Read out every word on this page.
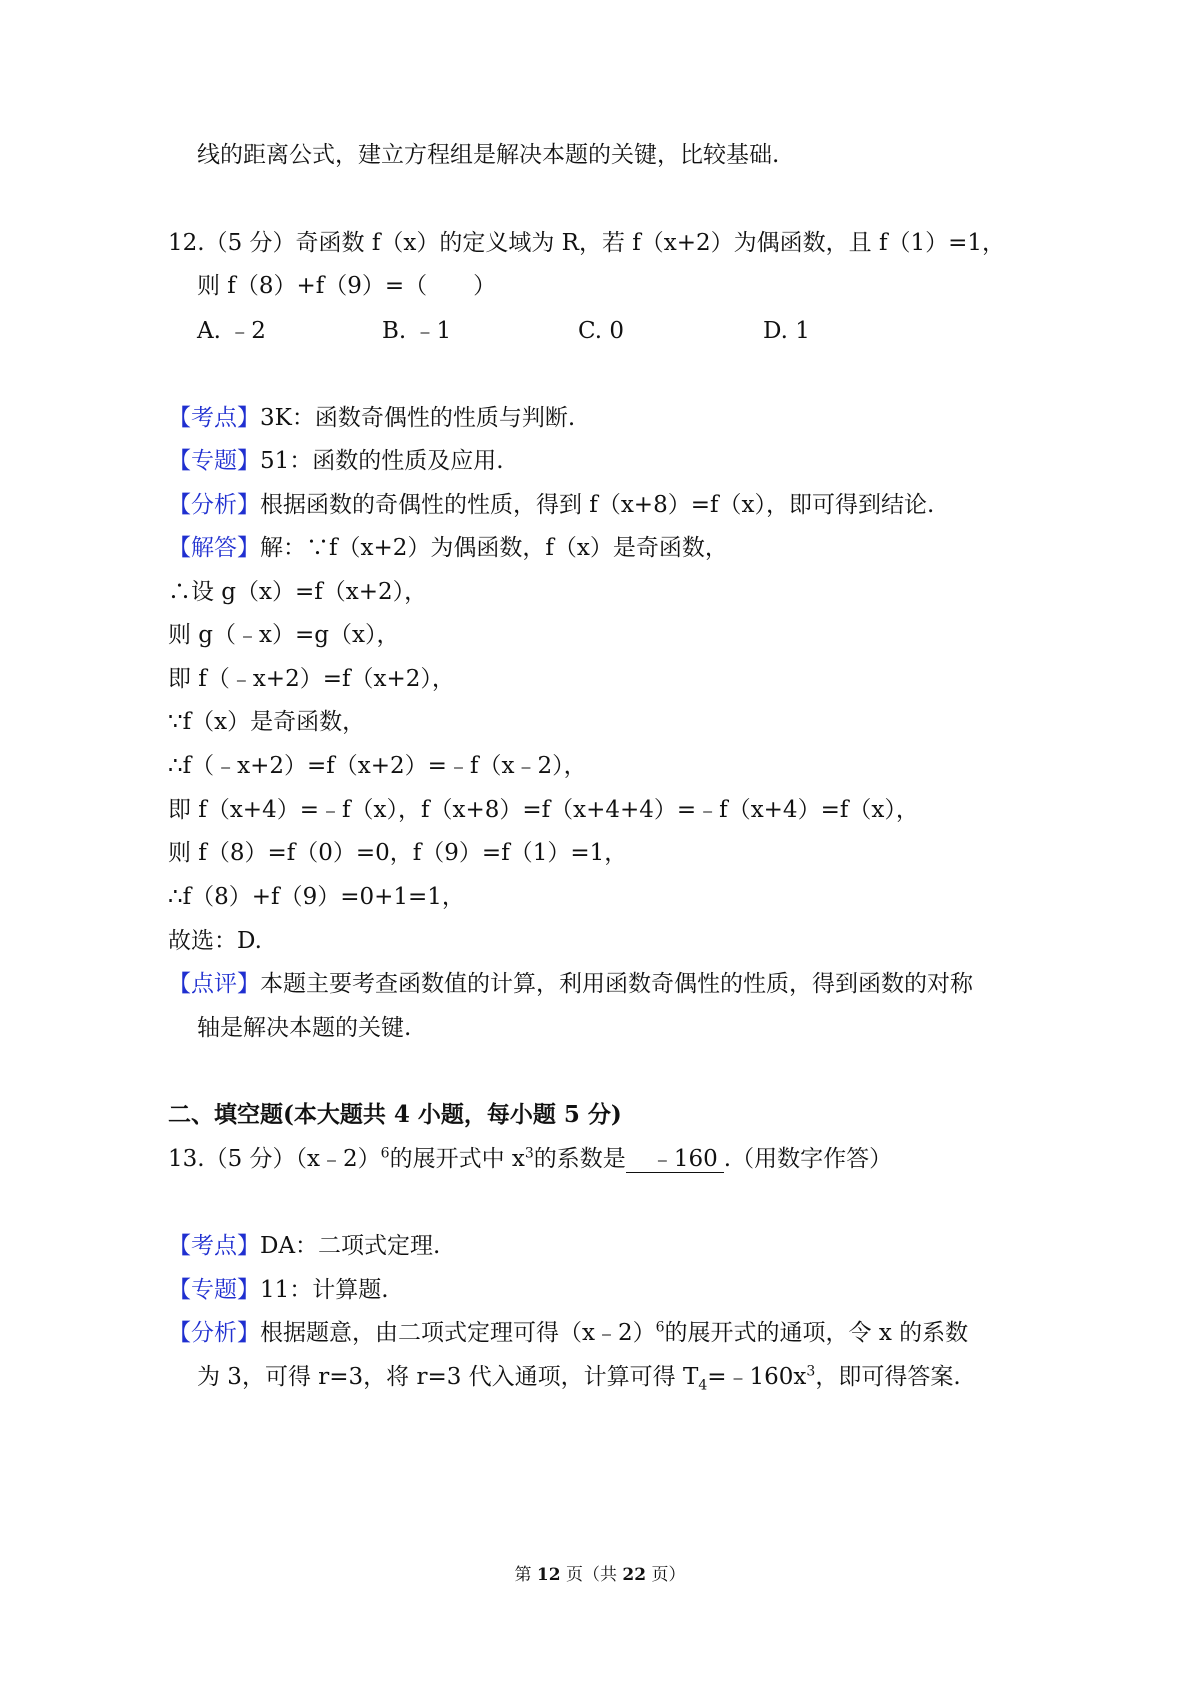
线的距离公式，建立方程组是解决本题的关键，比较基础.
12.（5 分）奇函数 f（x）的定义域为 R，若 f（x+2）为偶函数，且 f（1）=1，
则 f（8）+f（9）=（　　）
A. ﹣2	B. ﹣1	C. 0	D. 1
【考点】3K：函数奇偶性的性质与判断.
【专题】51：函数的性质及应用.
【分析】根据函数的奇偶性的性质，得到 f（x+8）=f（x），即可得到结论.
【解答】解：∵f（x+2）为偶函数，f（x）是奇函数，
∴设 g（x）=f（x+2），
则 g（﹣x）=g（x），
即 f（﹣x+2）=f（x+2），
∵f（x）是奇函数，
∴f（﹣x+2）=f（x+2）=﹣f（x﹣2），
即 f（x+4）=﹣f（x），f（x+8）=f（x+4+4）=﹣f（x+4）=f（x），
则 f（8）=f（0）=0，f（9）=f（1）=1，
∴f（8）+f（9）=0+1=1，
故选：D.
【点评】本题主要考查函数值的计算，利用函数奇偶性的性质，得到函数的对称
轴是解决本题的关键.
二、填空题(本大题共 4 小题，每小题 5 分)
13.（5 分）（x﹣2）$^6$的展开式中 $x^3$的系数是 ﹣160 .（用数字作答）
【考点】DA：二项式定理.
【专题】11：计算题.
【分析】根据题意，由二项式定理可得（x﹣2）$^6$的展开式的通项，令 x 的系数
为 3，可得 r=3，将 r=3 代入通项，计算可得 $T_4=﹣160x^3$，即可得答案.
第 12 页（共 22 页）
